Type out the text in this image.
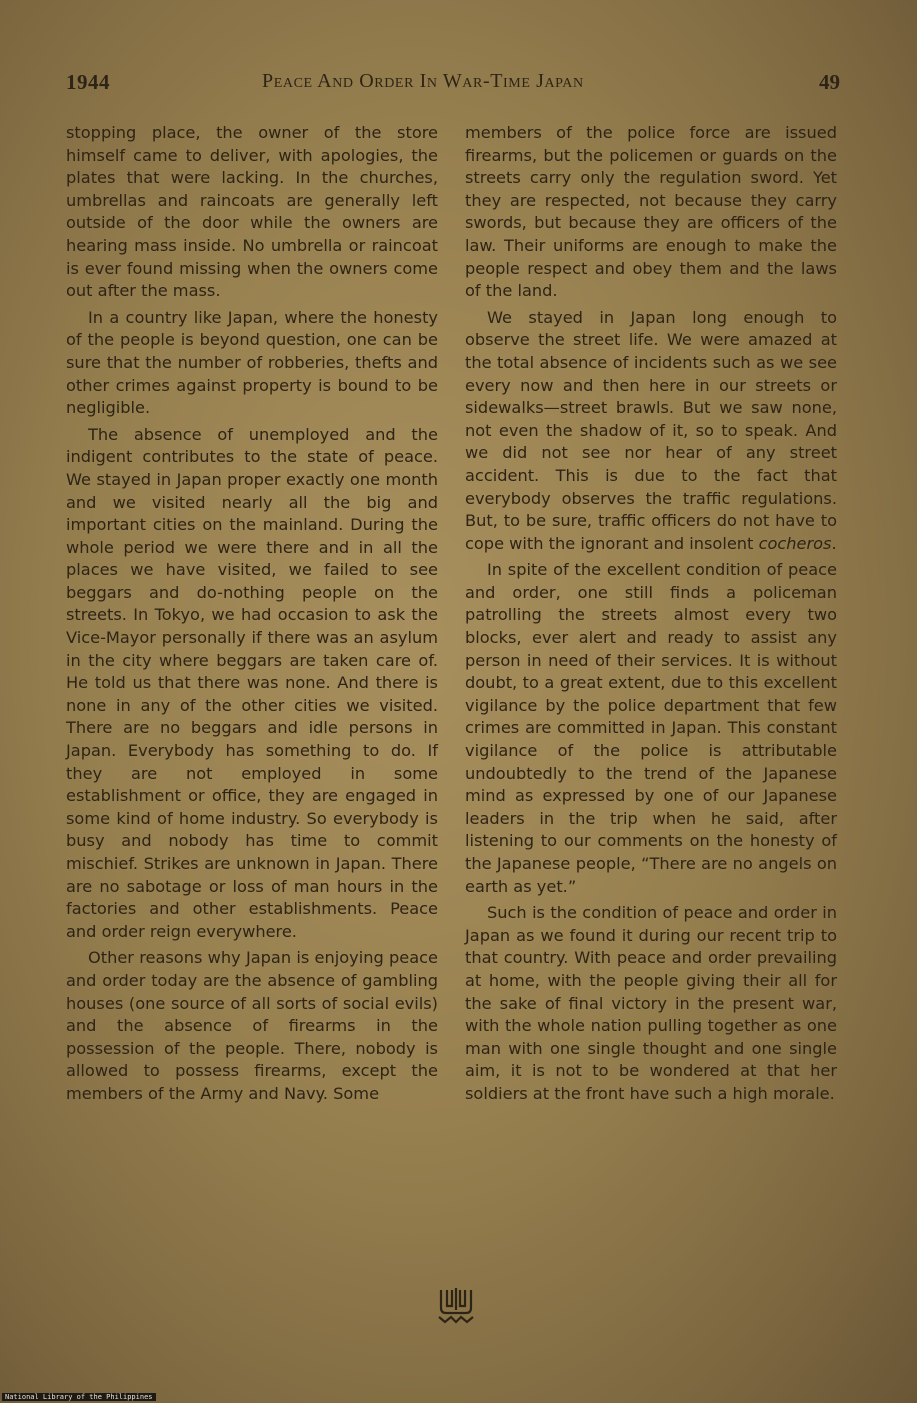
1944	Peace And Order In War-Time Japan	49

stopping place, the owner of the store himself came to deliver, with apologies, the plates that were lacking. In the churches, umbrellas and raincoats are generally left outside of the door while the owners are hearing mass inside. No umbrella or raincoat is ever found missing when the owners come out after the mass.

In a country like Japan, where the honesty of the people is beyond question, one can be sure that the number of robberies, thefts and other crimes against property is bound to be negligible.

The absence of unemployed and the indigent contributes to the state of peace. We stayed in Japan proper exactly one month and we visited nearly all the big and important cities on the mainland. During the whole period we were there and in all the places we have visited, we failed to see beggars and do-nothing people on the streets. In Tokyo, we had occasion to ask the Vice-Mayor personally if there was an asylum in the city where beggars are taken care of. He told us that there was none. And there is none in any of the other cities we visited. There are no beggars and idle persons in Japan. Everybody has something to do. If they are not employed in some establishment or office, they are engaged in some kind of home industry. So everybody is busy and nobody has time to commit mischief. Strikes are unknown in Japan. There are no sabotage or loss of man hours in the factories and other establishments. Peace and order reign everywhere.

Other reasons why Japan is enjoying peace and order today are the absence of gambling houses (one source of all sorts of social evils) and the absence of firearms in the possession of the people. There, nobody is allowed to possess firearms, except the members of the Army and Navy. Some

members of the police force are issued firearms, but the policemen or guards on the streets carry only the regulation sword. Yet they are respected, not because they carry swords, but because they are officers of the law. Their uniforms are enough to make the people respect and obey them and the laws of the land.

We stayed in Japan long enough to observe the street life. We were amazed at the total absence of incidents such as we see every now and then here in our streets or sidewalks—street brawls. But we saw none, not even the shadow of it, so to speak. And we did not see nor hear of any street accident. This is due to the fact that everybody observes the traffic regulations. But, to be sure, traffic officers do not have to cope with the ignorant and insolent cocheros.

In spite of the excellent condition of peace and order, one still finds a policeman patrolling the streets almost every two blocks, ever alert and ready to assist any person in need of their services. It is without doubt, to a great extent, due to this excellent vigilance by the police department that few crimes are committed in Japan. This constant vigilance of the police is attributable undoubtedly to the trend of the Japanese mind as expressed by one of our Japanese leaders in the trip when he said, after listening to our comments on the honesty of the Japanese people, “There are no angels on earth as yet.”

Such is the condition of peace and order in Japan as we found it during our recent trip to that country. With peace and order prevailing at home, with the people giving their all for the sake of final victory in the present war, with the whole nation pulling together as one man with one single thought and one single aim, it is not to be wondered at that her soldiers at the front have such a high morale.

National Library of the Philippines
